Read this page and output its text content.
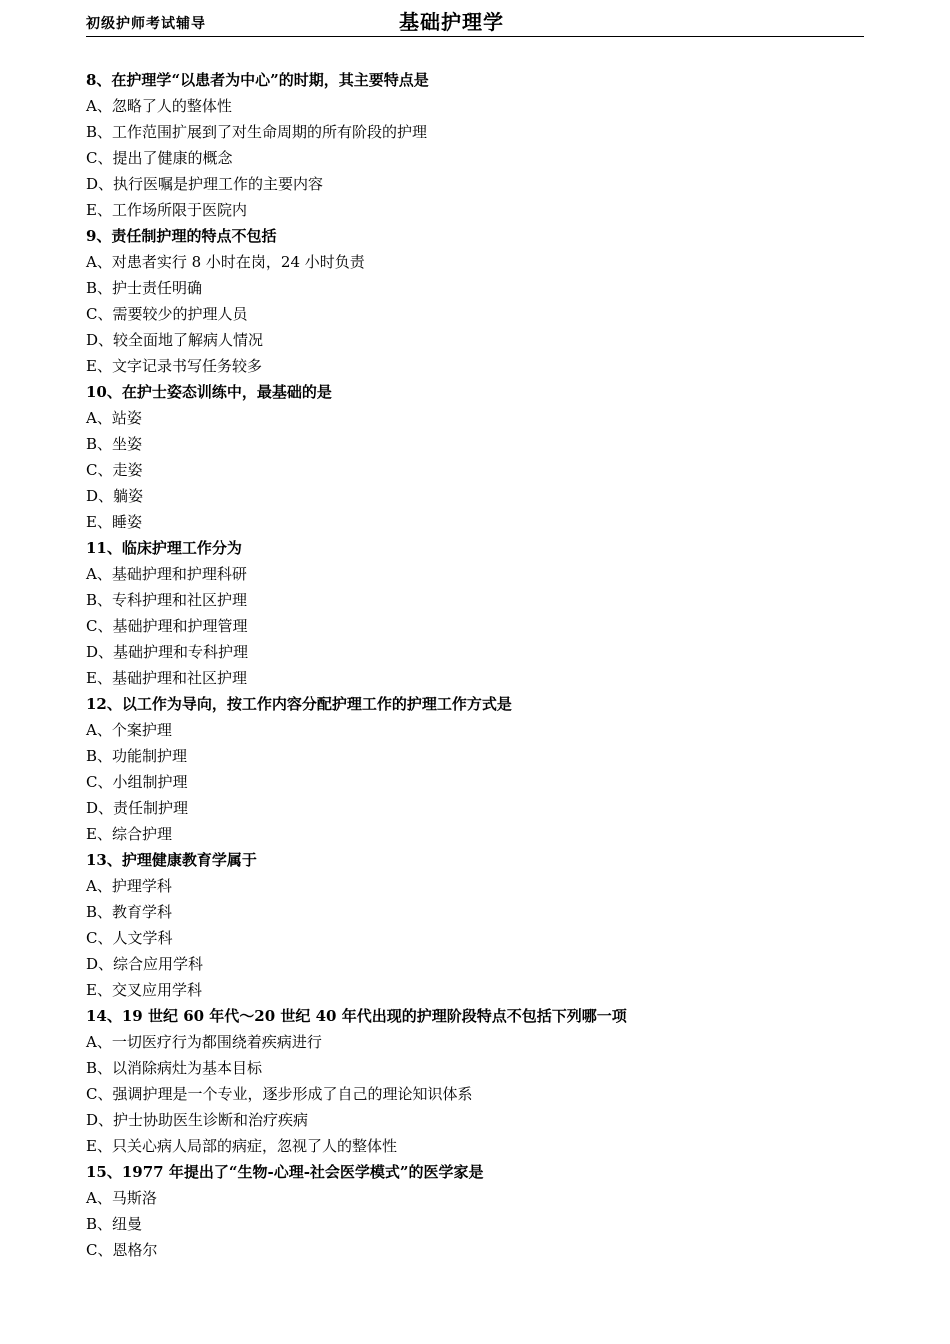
初级护师考试辅导	基础护理学
8、在护理学“以患者为中心”的时期，其主要特点是
A、忽略了人的整体性
B、工作范围扩展到了对生命周期的所有阶段的护理
C、提出了健康的概念
D、执行医嘱是护理工作的主要内容
E、工作场所限于医院内
9、责任制护理的特点不包括
A、对患者实行 8 小时在岗，24 小时负责
B、护士责任明确
C、需要较少的护理人员
D、较全面地了解病人情况
E、文字记录书写任务较多
10、在护士姿态训练中，最基础的是
A、站姿
B、坐姿
C、走姿
D、躺姿
E、睡姿
11、临床护理工作分为
A、基础护理和护理科研
B、专科护理和社区护理
C、基础护理和护理管理
D、基础护理和专科护理
E、基础护理和社区护理
12、以工作为导向，按工作内容分配护理工作的护理工作方式是
A、个案护理
B、功能制护理
C、小组制护理
D、责任制护理
E、综合护理
13、护理健康教育学属于
A、护理学科
B、教育学科
C、人文学科
D、综合应用学科
E、交叉应用学科
14、19 世纪 60 年代～20 世纪 40 年代出现的护理阶段特点不包括下列哪一项
A、一切医疗行为都围绕着疾病进行
B、以消除病灶为基本目标
C、强调护理是一个专业，逐步形成了自己的理论知识体系
D、护士协助医生诊断和治疗疾病
E、只关心病人局部的病症，忽视了人的整体性
15、1977 年提出了“生物-心理-社会医学模式”的医学家是
A、马斯洛
B、纽曼
C、恩格尔
